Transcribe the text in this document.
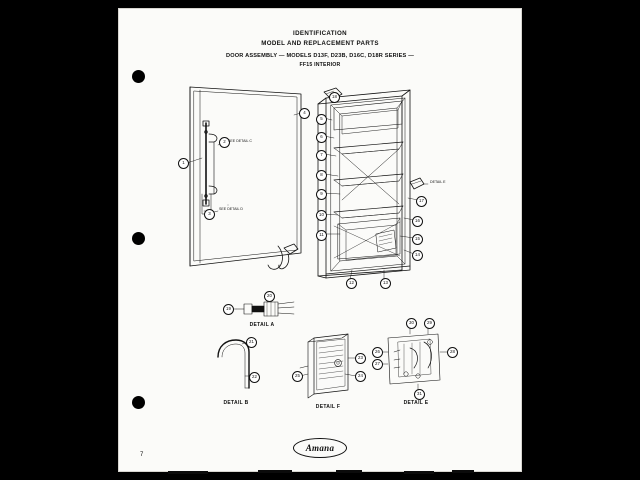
IDENTIFICATION
MODEL AND REPLACEMENT PARTS
DOOR ASSEMBLY — MODELS D13F, D23B, D16C, D18R SERIES —
FF15 INTERIOR
1
2
3
4
SEE DETAIL C
SEE DETAIL D
DETAIL E
5
6
7
8
9
10
11
12	13
14
15
16
17
18
19
20
DETAIL A
21
22
DETAIL B
23
24
25
DETAIL F
26
27
28
29
30
31
DETAIL E
7
Amana
